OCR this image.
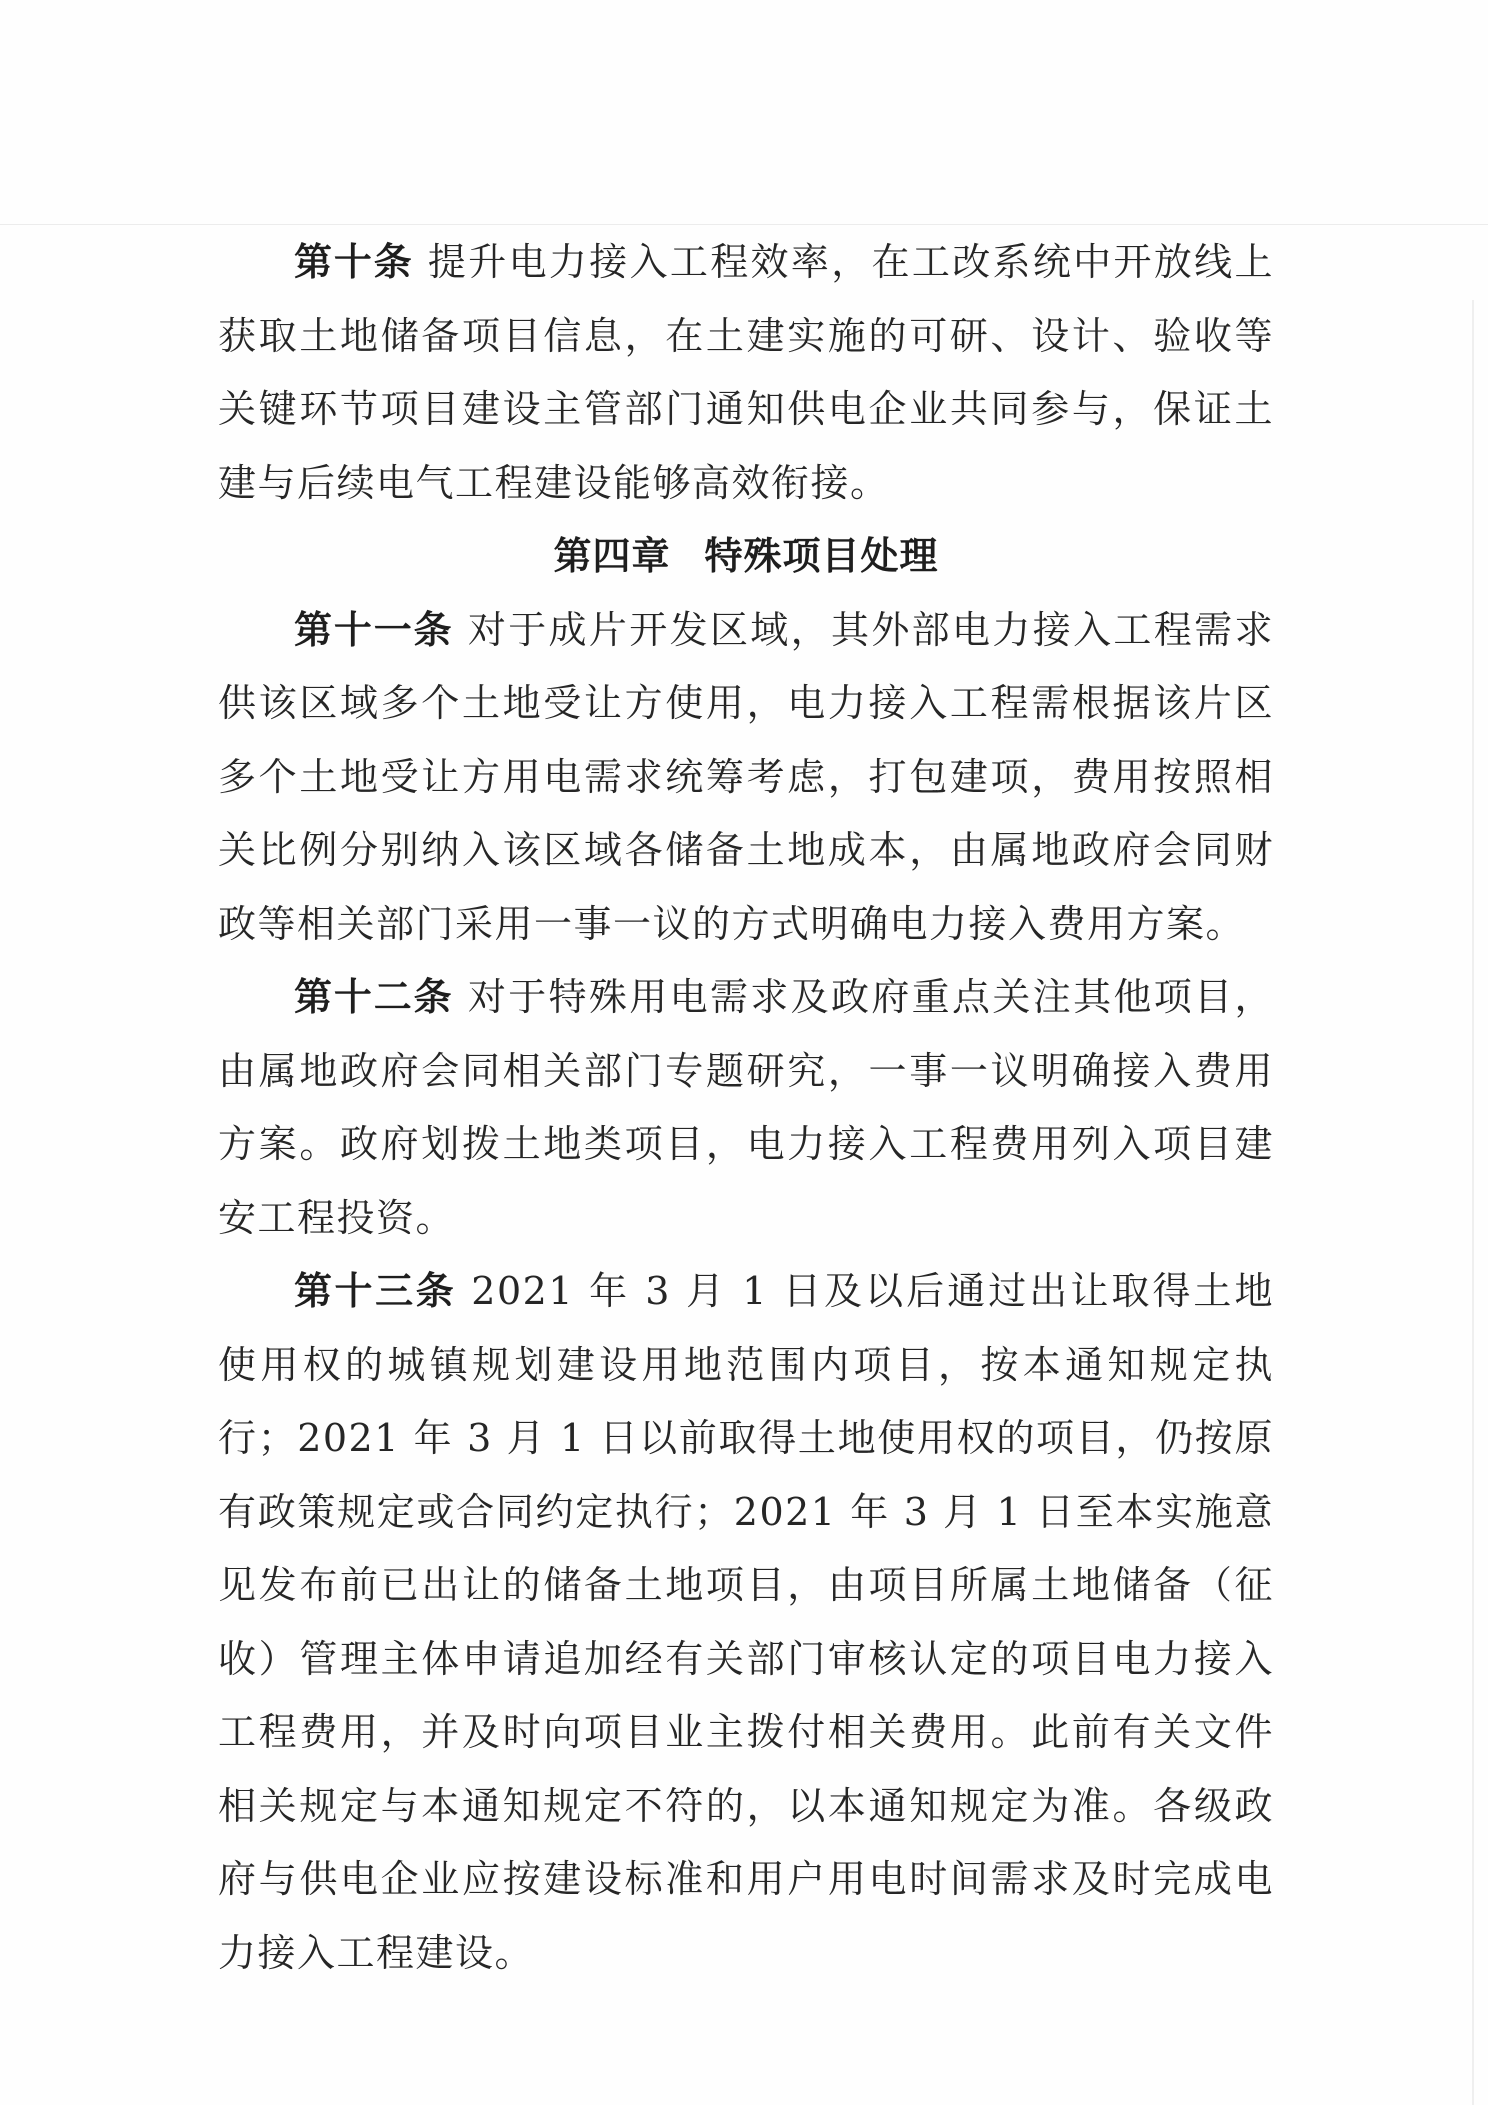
第十条 提升电力接入工程效率，在工改系统中开放线上获取土地储备项目信息，在土建实施的可研、设计、验收等关键环节项目建设主管部门通知供电企业共同参与，保证土建与后续电气工程建设能够高效衔接。

第四章 特殊项目处理

第十一条 对于成片开发区域，其外部电力接入工程需求供该区域多个土地受让方使用，电力接入工程需根据该片区多个土地受让方用电需求统筹考虑，打包建项，费用按照相关比例分别纳入该区域各储备土地成本，由属地政府会同财政等相关部门采用一事一议的方式明确电力接入费用方案。

第十二条 对于特殊用电需求及政府重点关注其他项目，由属地政府会同相关部门专题研究，一事一议明确接入费用方案。政府划拨土地类项目，电力接入工程费用列入项目建安工程投资。

第十三条 2021 年 3 月 1 日及以后通过出让取得土地使用权的城镇规划建设用地范围内项目，按本通知规定执行；2021 年 3 月 1 日以前取得土地使用权的项目，仍按原有政策规定或合同约定执行；2021 年 3 月 1 日至本实施意见发布前已出让的储备土地项目，由项目所属土地储备（征收）管理主体申请追加经有关部门审核认定的项目电力接入工程费用，并及时向项目业主拨付相关费用。此前有关文件相关规定与本通知规定不符的，以本通知规定为准。各级政府与供电企业应按建设标准和用户用电时间需求及时完成电力接入工程建设。
